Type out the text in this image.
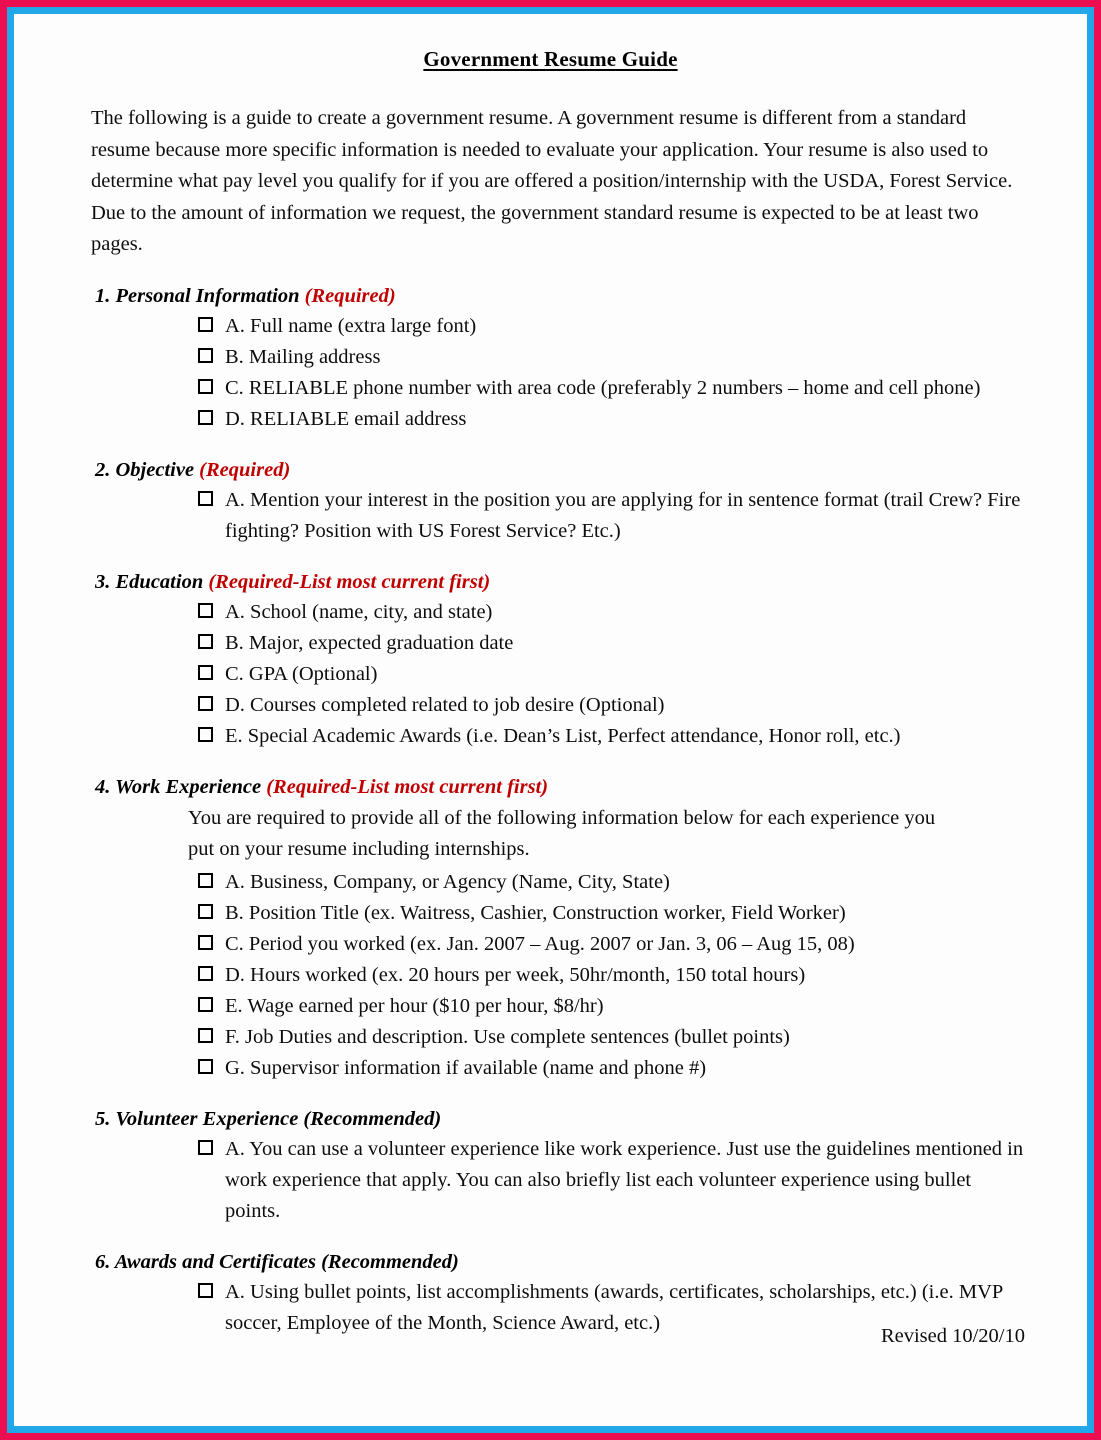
Government Resume Guide

The following is a guide to create a government resume. A government resume is different from a standard resume because more specific information is needed to evaluate your application. Your resume is also used to determine what pay level you qualify for if you are offered a position/internship with the USDA, Forest Service. Due to the amount of information we request, the government standard resume is expected to be at least two pages.

1. Personal Information (Required)
A. Full name (extra large font)
B. Mailing address
C. RELIABLE phone number with area code (preferably 2 numbers – home and cell phone)
D. RELIABLE email address
2. Objective (Required)
A. Mention your interest in the position you are applying for in sentence format (trail Crew? Fire fighting? Position with US Forest Service? Etc.)
3. Education (Required-List most current first)
A. School (name, city, and state)
B. Major, expected graduation date
C. GPA (Optional)
D. Courses completed related to job desire (Optional)
E. Special Academic Awards (i.e. Dean’s List, Perfect attendance, Honor roll, etc.)
4. Work Experience (Required-List most current first)

You are required to provide all of the following information below for each experience you put on your resume including internships.

A. Business, Company, or Agency (Name, City, State)
B. Position Title (ex. Waitress, Cashier, Construction worker, Field Worker)
C. Period you worked (ex. Jan. 2007 – Aug. 2007 or Jan. 3, 06 – Aug 15, 08)
D. Hours worked (ex. 20 hours per week, 50hr/month, 150 total hours)
E. Wage earned per hour ($10 per hour, $8/hr)
F. Job Duties and description. Use complete sentences (bullet points)
G. Supervisor information if available (name and phone #)
5. Volunteer Experience (Recommended)
A. You can use a volunteer experience like work experience. Just use the guidelines mentioned in work experience that apply. You can also briefly list each volunteer experience using bullet points.
6. Awards and Certificates (Recommended)
A. Using bullet points, list accomplishments (awards, certificates, scholarships, etc.) (i.e. MVP soccer, Employee of the Month, Science Award, etc.)
Revised 10/20/10
